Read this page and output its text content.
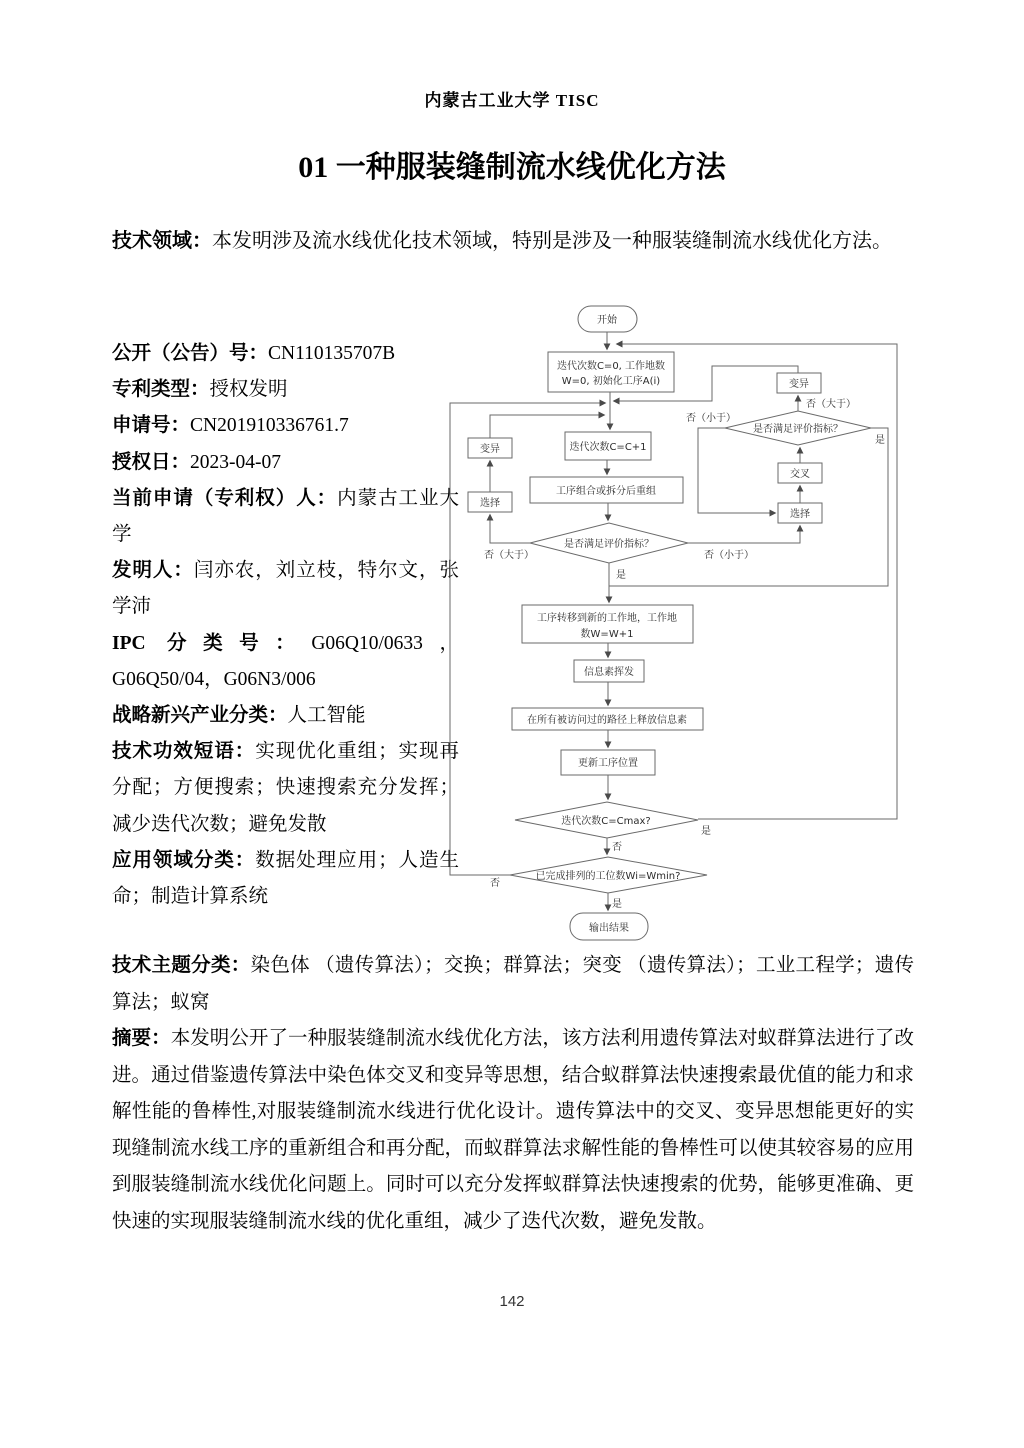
内蒙古工业大学 TISC
01 一种服装缝制流水线优化方法

技术领域：本发明涉及流水线优化技术领域，特别是涉及一种服装缝制流水线优化方法。

公开（公告）号：CN110135707B

专利类型：授权发明

申请号：CN201910336761.7

授权日：2023-04-07

当前申请（专利权）人：内蒙古工业大学

发明人：闫亦农，刘立枝，特尔文，张学沛

IPC 分类号：G06Q10/0633，G06Q50/04，G06N3/006

战略新兴产业分类：人工智能

技术功效短语：实现优化重组；实现再分配；方便搜索；快速搜索充分发挥；减少迭代次数；避免发散

应用领域分类：数据处理应用；人造生命；制造计算系统

开始
迭代次数C=0, 工作地数
W=0, 初始化工序A(i)
迭代次数C=C+1
工序组合或拆分后重组
是否满足评价指标？
变异
选择
变异
是否满足评价指标？
交叉
选择
工序转移到新的工作地，工作地
数W=W+1
信息素挥发
在所有被访问过的路径上释放信息素
更新工序位置
迭代次数C=Cmax?
已完成排列的工位数Wi=Wmin?
输出结果
否（大于）	否（小于）
是
否（大于）
否（小于）
是
否
是
否
是

技术主题分类：染色体 （遗传算法）；交换；群算法；突变 （遗传算法）；工业工程学；遗传算法；蚁窝

摘要：本发明公开了一种服装缝制流水线优化方法，该方法利用遗传算法对蚁群算法进行了改进。通过借鉴遗传算法中染色体交叉和变异等思想，结合蚁群算法快速搜索最优值的能力和求解性能的鲁棒性,对服装缝制流水线进行优化设计。遗传算法中的交叉、变异思想能更好的实现缝制流水线工序的重新组合和再分配，而蚁群算法求解性能的鲁棒性可以使其较容易的应用到服装缝制流水线优化问题上。同时可以充分发挥蚁群算法快速搜索的优势，能够更准确、更快速的实现服装缝制流水线的优化重组，减少了迭代次数，避免发散。

142
